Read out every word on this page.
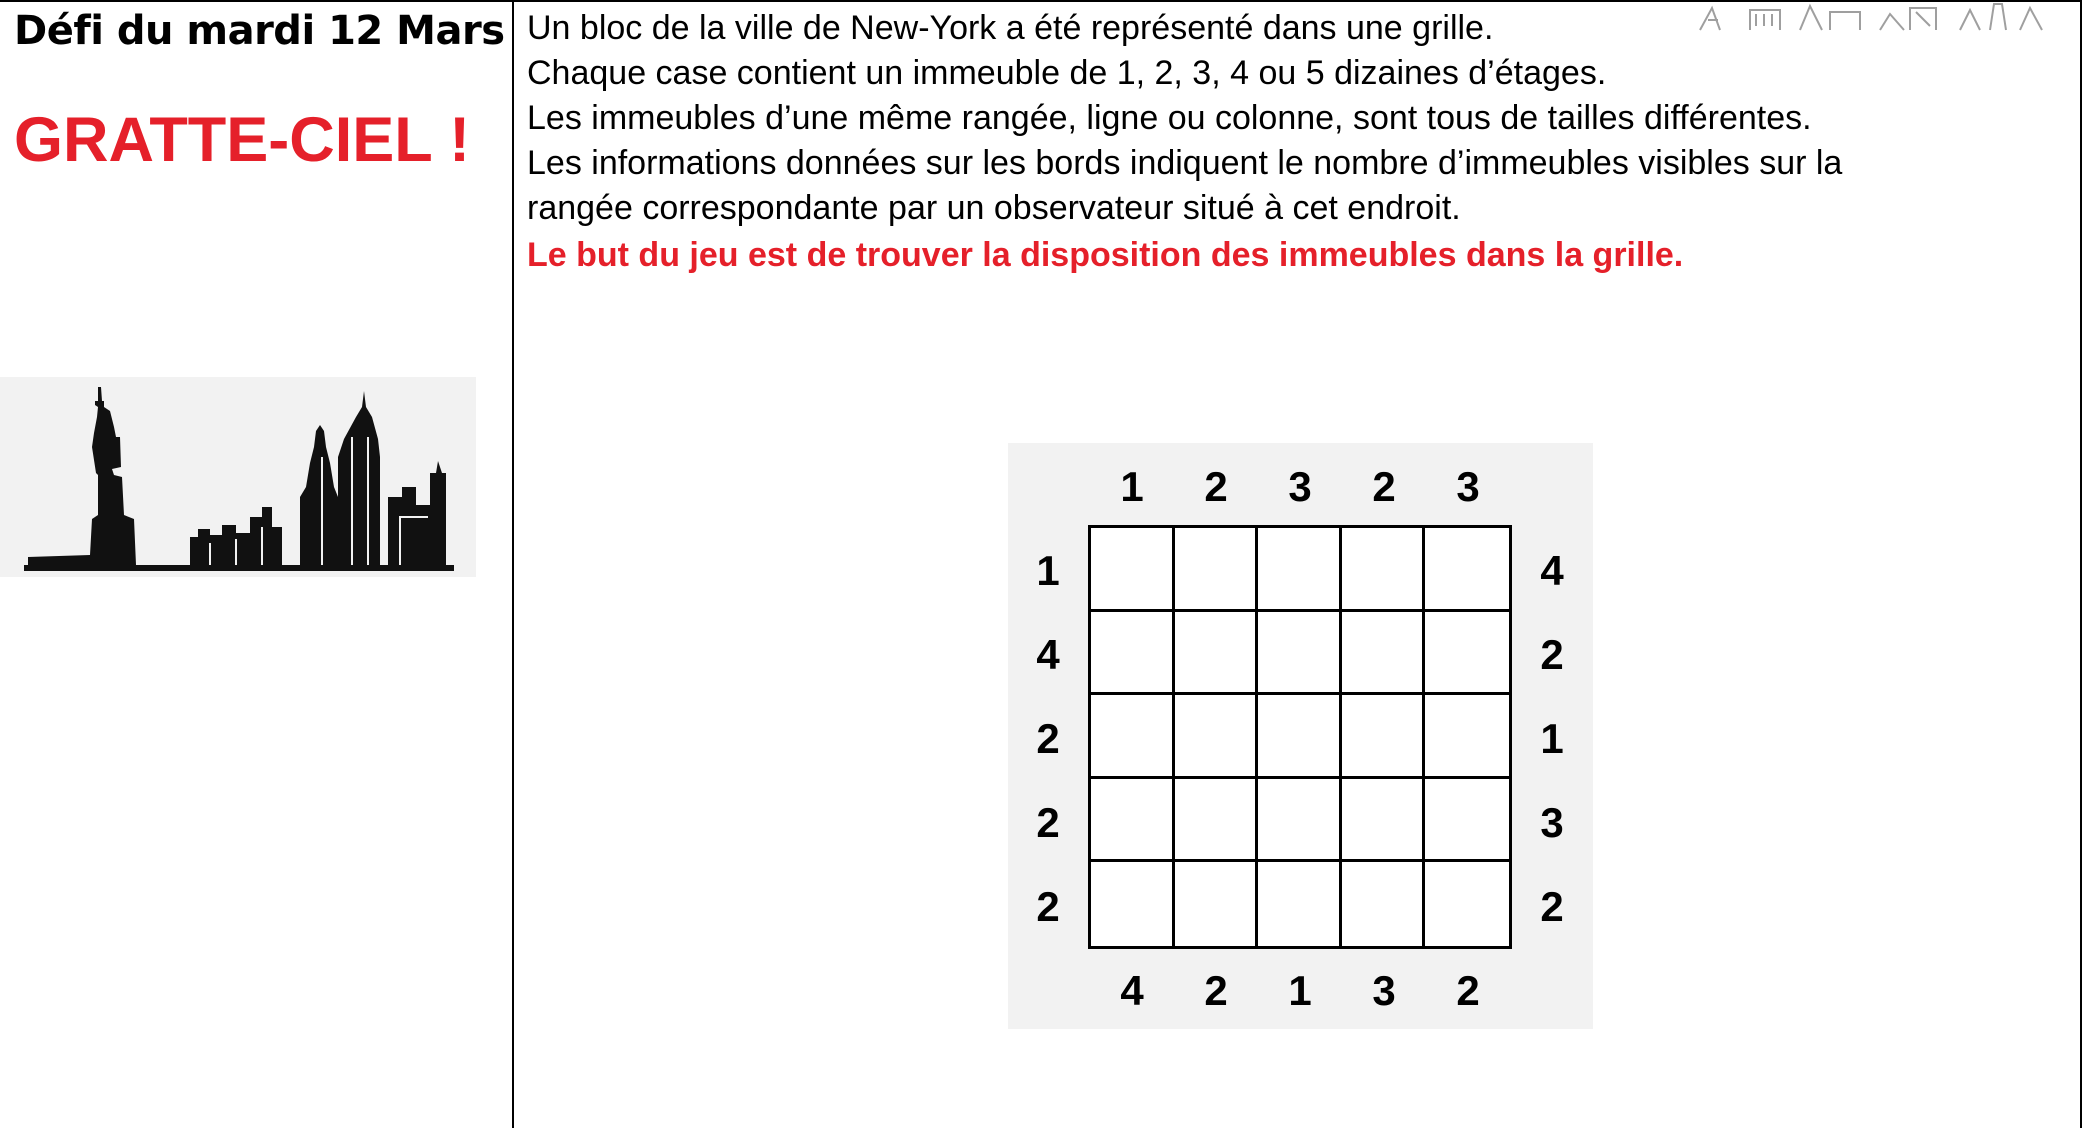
Défi du mardi 12 Mars
GRATTE-CIEL !
Un bloc de la ville de New-York a été représenté dans une grille.
Chaque case contient un immeuble de 1, 2, 3, 4 ou 5 dizaines d’étages.
Les immeubles d’une même rangée, ligne ou colonne, sont tous de tailles différentes.
Les informations données sur les bords indiquent le nombre d’immeubles visibles sur la
rangée correspondante par un observateur situé à cet endroit.
Le but du jeu est de trouver la disposition des immeubles dans la grille.
1	2	3	2	3
1
4
2
2
2
4
2
1
3
2
4	2	1	3	2
